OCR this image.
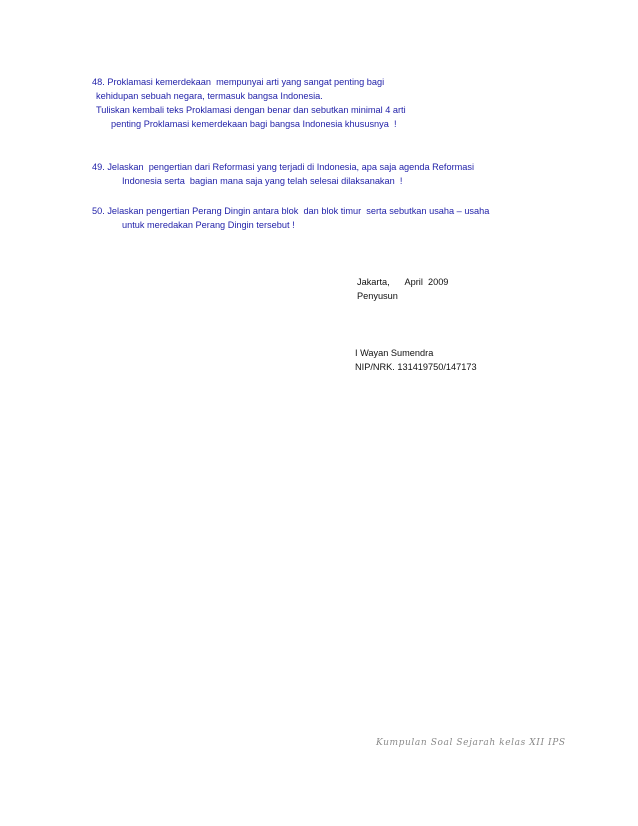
48. Proklamasi kemerdekaan  mempunyai arti yang sangat penting bagi
kehidupan sebuah negara, termasuk bangsa Indonesia.
Tuliskan kembali teks Proklamasi dengan benar dan sebutkan minimal 4 arti
penting Proklamasi kemerdekaan bagi bangsa Indonesia khususnya  !
49. Jelaskan  pengertian dari Reformasi yang terjadi di Indonesia, apa saja agenda Reformasi
Indonesia serta  bagian mana saja yang telah selesai dilaksanakan  !
50. Jelaskan pengertian Perang Dingin antara blok  dan blok timur  serta sebutkan usaha – usaha
untuk meredakan Perang Dingin tersebut !
Jakarta,      April  2009
Penyusun
I Wayan Sumendra
NIP/NRK. 131419750/147173
Kumpulan Soal Sejarah kelas XII IPS
